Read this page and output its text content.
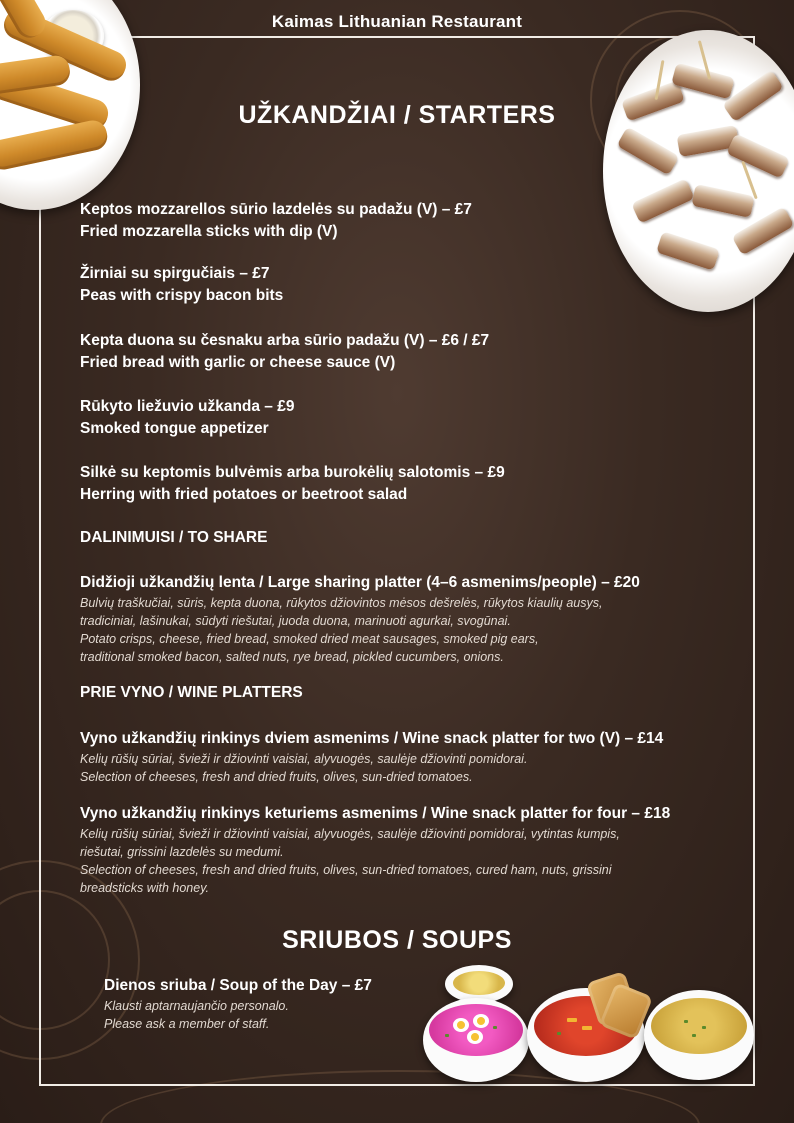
Kaimas Lithuanian Restaurant
UŽKANDŽIAI / STARTERS
Keptos mozzarellos sūrio lazdelės su padažu (V) – £7
Fried mozzarella sticks with dip (V)
Žirniai su spirgučiais – £7
Peas with crispy bacon bits
Kepta duona su česnaku arba sūrio padažu (V) – £6 / £7
Fried bread with garlic or cheese sauce (V)
Rūkyto liežuvio užkanda – £9
Smoked tongue appetizer
Silkė su keptomis bulvėmis arba burokėlių salotomis – £9
Herring with fried potatoes or beetroot salad
DALINIMUISI / TO SHARE
Didžioji užkandžių lenta / Large sharing platter (4–6 asmenims/people) – £20
Bulvių traškučiai, sūris, kepta duona, rūkytos džiovintos mėsos dešrelės, rūkytos kiaulių ausys,
tradiciniai, lašinukai, sūdyti riešutai, juoda duona, marinuoti agurkai, svogūnai.
Potato crisps, cheese, fried bread, smoked dried meat sausages, smoked pig ears,
traditional smoked bacon, salted nuts, rye bread, pickled cucumbers, onions.
PRIE VYNO / WINE PLATTERS
Vyno užkandžių rinkinys dviem asmenims / Wine snack platter for two (V) – £14
Kelių rūšių sūriai, švieži ir džiovinti vaisiai, alyvuogės, saulėje džiovinti pomidorai.
Selection of cheeses, fresh and dried fruits, olives, sun-dried tomatoes.
Vyno užkandžių rinkinys keturiems asmenims / Wine snack platter for four – £18
Kelių rūšių sūriai, švieži ir džiovinti vaisiai, alyvuogės, saulėje džiovinti pomidorai, vytintas kumpis,
riešutai, grissini lazdelės su medumi.
Selection of cheeses, fresh and dried fruits, olives, sun-dried tomatoes, cured ham, nuts, grissini
breadsticks with honey.
SRIUBOS / SOUPS
Dienos sriuba / Soup of the Day – £7
Klausti aptarnaujančio personalo.
Please ask a member of staff.
